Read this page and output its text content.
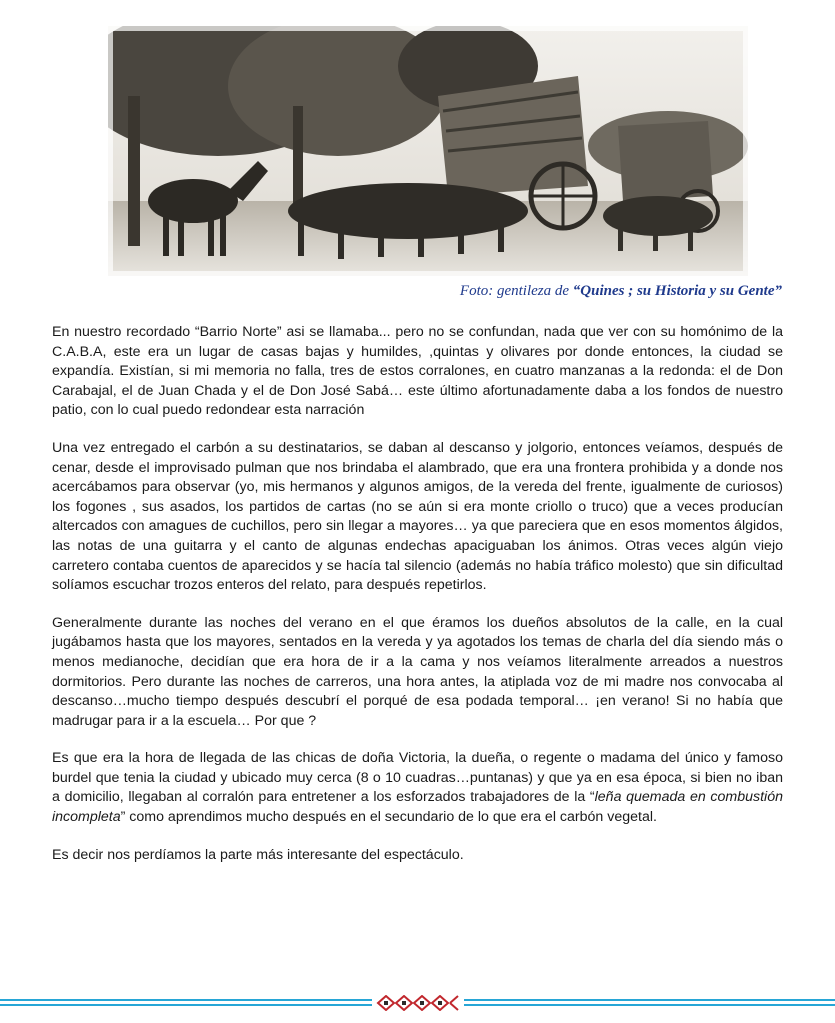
Foto: gentileza de “Quines ; su Historia y su Gente”

En nuestro recordado “Barrio Norte” asi se llamaba... pero no se confundan, nada que ver con su homónimo de la C.A.B.A, este era un lugar de casas bajas y humildes, ,quintas y olivares por donde entonces, la ciudad se expandía. Existían, si mi memoria no falla, tres de estos corralones, en cuatro manzanas a la redonda: el de Don Carabajal, el de Juan Chada y el de Don José Sabá… este último afortunadamente daba a los fondos de nuestro patio, con lo cual puedo redondear esta narración

Una vez entregado el carbón a su destinatarios, se daban al descanso y jolgorio, entonces veíamos, después de cenar, desde el improvisado pulman que nos brindaba el alambrado, que era una frontera prohibida y a donde nos acercábamos para observar (yo, mis hermanos y algunos amigos, de la vereda del frente, igualmente de curiosos) los fogones , sus asados, los partidos de cartas (no se aún si era monte criollo o truco) que a veces producían altercados con amagues de cuchillos, pero sin llegar a mayores… ya que pareciera que en esos momentos álgidos, las notas de una guitarra y el canto de algunas endechas apaciguaban los ánimos. Otras veces algún viejo carretero contaba cuentos de aparecidos y se hacía tal silencio (además no había tráfico molesto) que sin dificultad solíamos escuchar trozos enteros del relato, para después repetirlos.

Generalmente durante las noches del verano en el que éramos los dueños absolutos de la calle, en la cual jugábamos hasta que los mayores, sentados en la vereda y ya agotados los temas de charla del día siendo más o menos medianoche, decidían que era hora de ir a la cama y nos veíamos literalmente arreados a nuestros dormitorios. Pero durante las noches de carreros, una hora antes, la atiplada voz de mi madre nos convocaba al descanso…mucho tiempo después descubrí el porqué de esa podada temporal… ¡en verano! Si no había que madrugar para ir a la escuela… Por que ?

Es que era la hora de llegada de las chicas de doña Victoria, la dueña, o regente o madama del único y famoso burdel que tenia la ciudad y ubicado muy cerca (8 o 10 cuadras…puntanas) y que ya en esa época, si bien no iban a domicilio, llegaban al corralón para entretener a los esforzados trabajadores de la “leña quemada en combustión incompleta” como aprendimos mucho después en el secundario de lo que era el carbón vegetal.

Es decir nos perdíamos la parte más interesante del espectáculo.
